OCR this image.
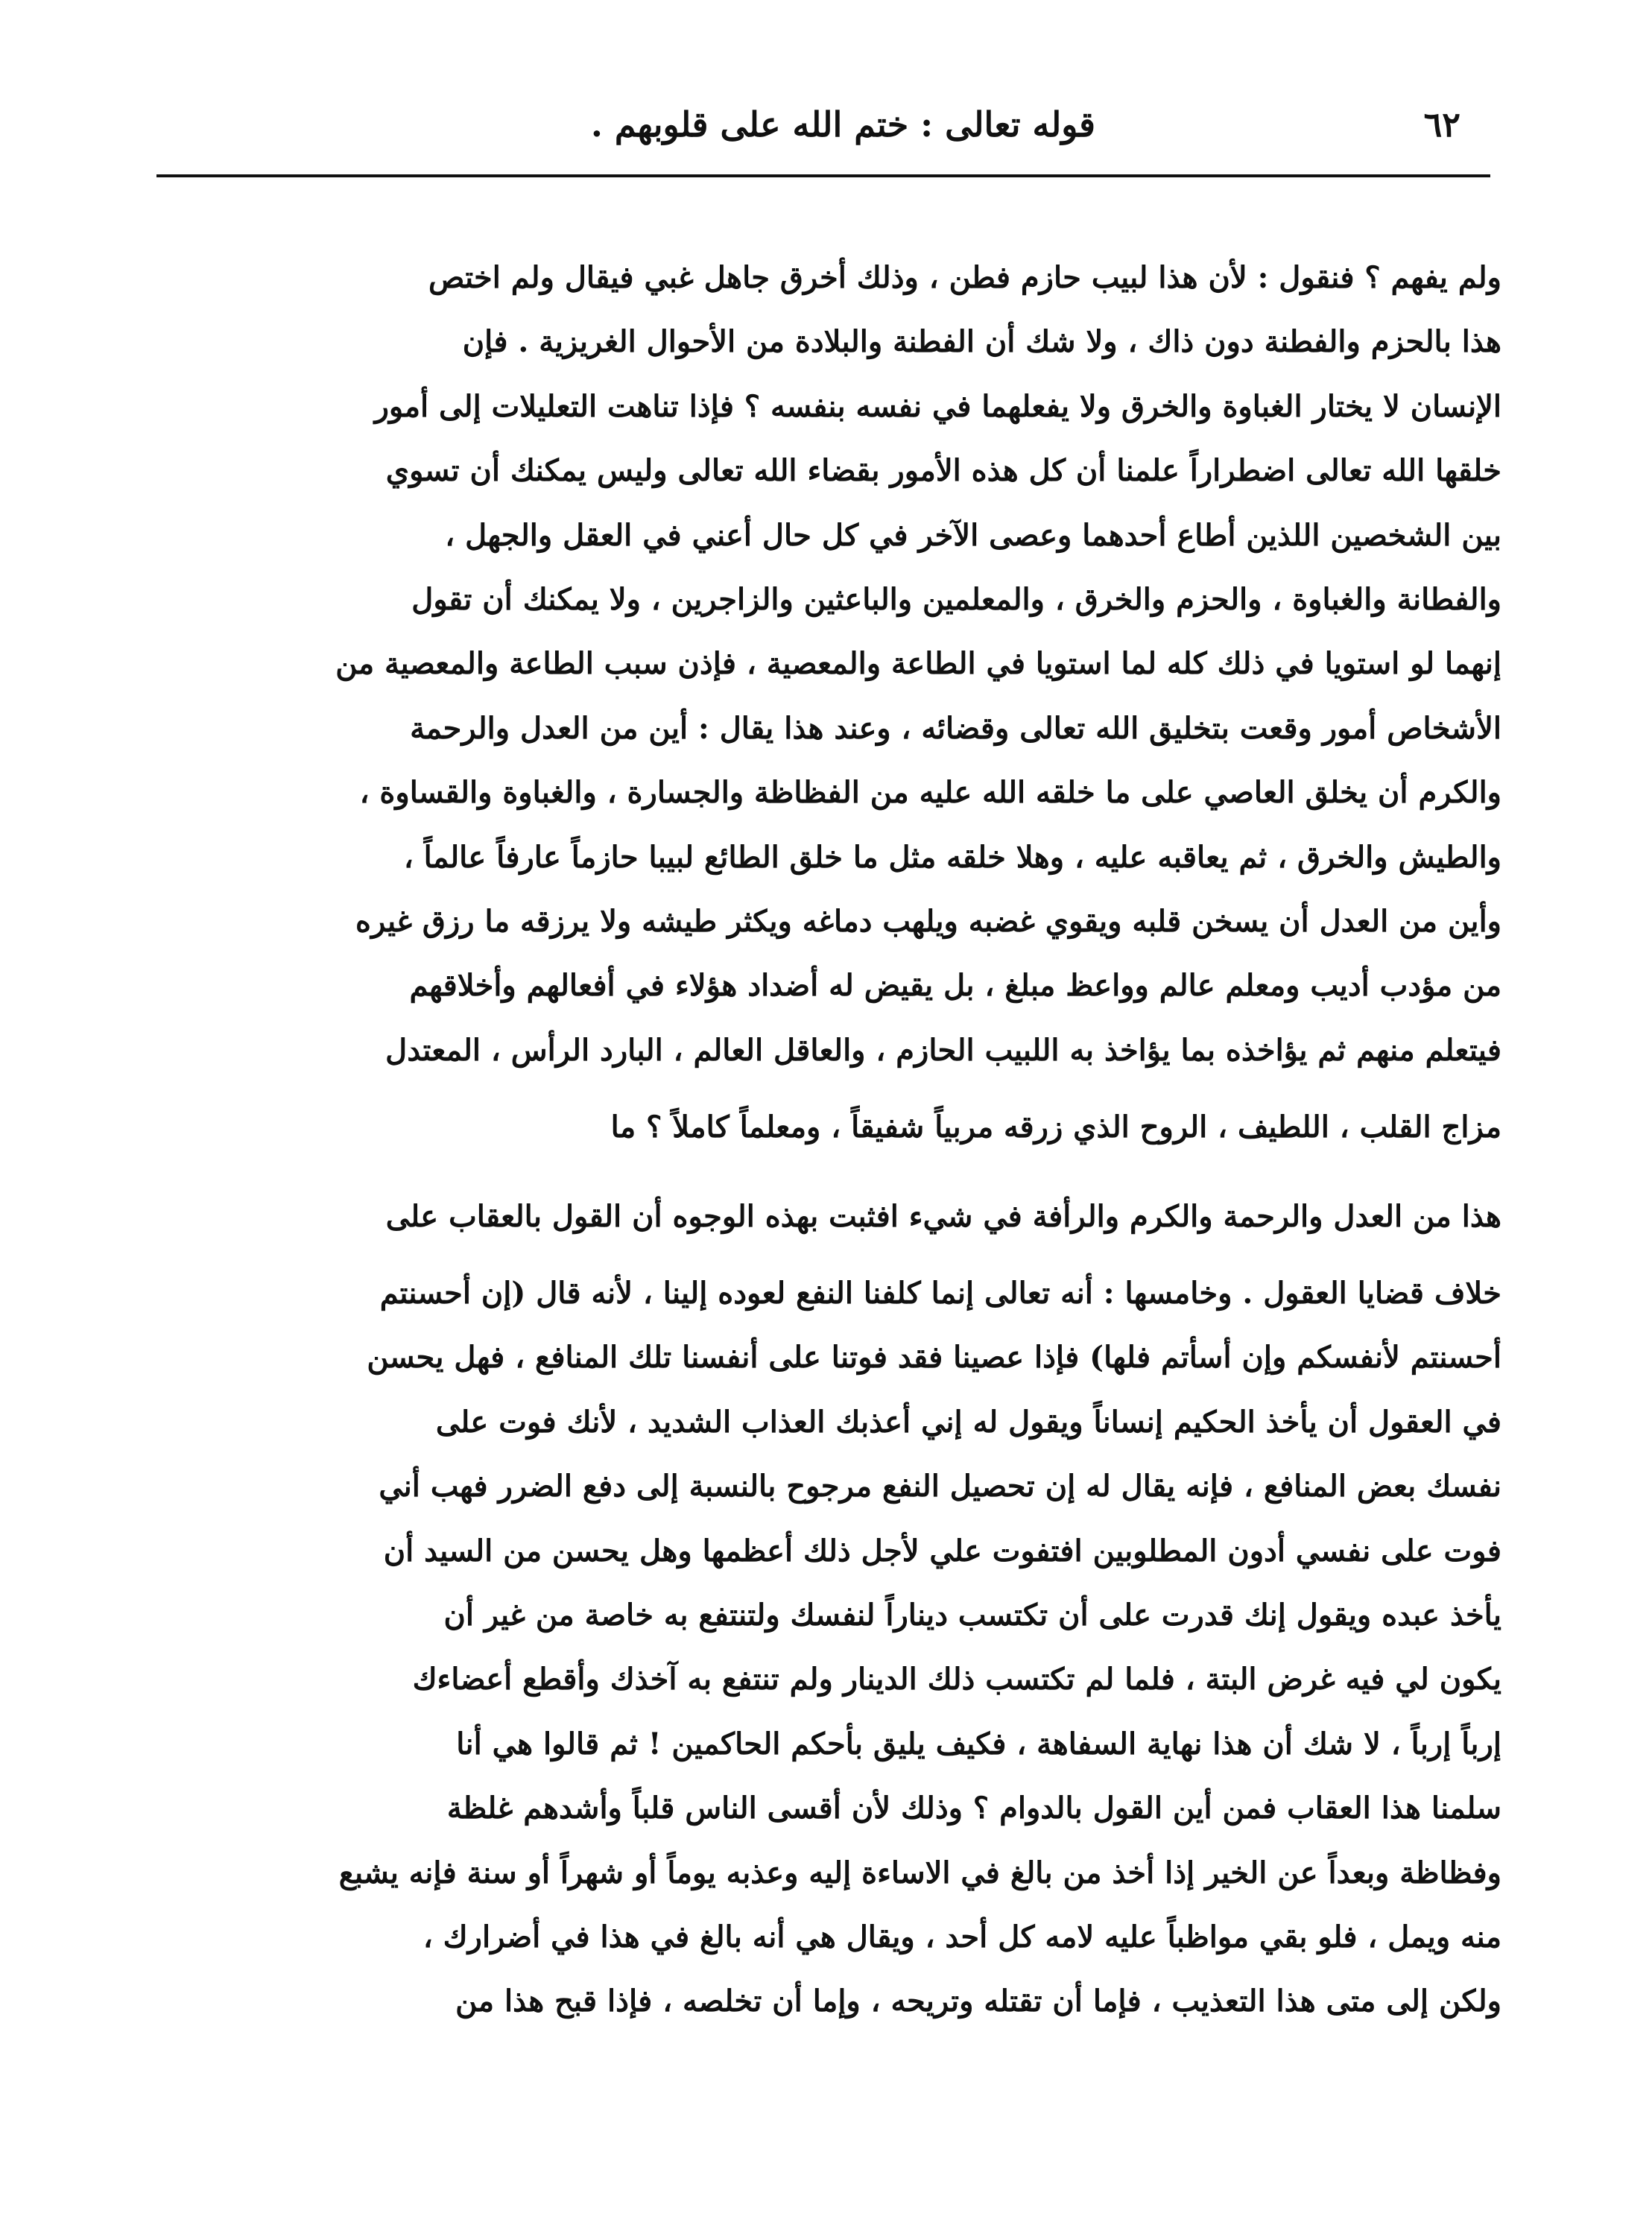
٦٢
قوله تعالى : ختم الله على قلوبهم .
ولم يفهم ؟ فنقول : لأن هذا لبيب حازم فطن ، وذلك أخرق جاهل غبي فيقال ولم اختص
هذا بالحزم والفطنة دون ذاك ، ولا شك أن الفطنة والبلادة من الأحوال الغريزية . فإن
الإنسان لا يختار الغباوة والخرق ولا يفعلهما في نفسه بنفسه ؟ فإذا تناهت التعليلات إلى أمور
خلقها الله تعالى اضطراراً علمنا أن كل هذه الأمور بقضاء الله تعالى وليس يمكنك أن تسوي
بين الشخصين اللذين أطاع أحدهما وعصى الآخر في كل حال أعني في العقل والجهل ،
والفطانة والغباوة ، والحزم والخرق ، والمعلمين والباعثين والزاجرين ، ولا يمكنك أن تقول
إنهما لو استويا في ذلك كله لما استويا في الطاعة والمعصية ، فإذن سبب الطاعة والمعصية من
الأشخاص أمور وقعت بتخليق الله تعالى وقضائه ، وعند هذا يقال : أين من العدل والرحمة
والكرم أن يخلق العاصي على ما خلقه الله عليه من الفظاظة والجسارة ، والغباوة والقساوة ،
والطيش والخرق ، ثم يعاقبه عليه ، وهلا خلقه مثل ما خلق الطائع لبيبا حازماً عارفاً عالماً ،
وأين من العدل أن يسخن قلبه ويقوي غضبه ويلهب دماغه ويكثر طيشه ولا يرزقه ما رزق غيره
من مؤدب أديب ومعلم عالم وواعظ مبلغ ، بل يقيض له أضداد هؤلاء في أفعالهم وأخلاقهم
فيتعلم منهم ثم يؤاخذه بما يؤاخذ به اللبيب الحازم ، والعاقل العالم ، البارد الرأس ، المعتدل
مزاج القلب ، اللطيف ، الروح الذي زرقه مربياً شفيقاً ، ومعلماً كاملاً ؟ ما
هذا من العدل والرحمة والكرم والرأفة في شيء افثبت بهذه الوجوه أن القول بالعقاب على
خلاف قضايا العقول . وخامسها : أنه تعالى إنما كلفنا النفع لعوده إلينا ، لأنه قال (إن أحسنتم
أحسنتم لأنفسكم وإن أسأتم فلها) فإذا عصينا فقد فوتنا على أنفسنا تلك المنافع ، فهل يحسن
في العقول أن يأخذ الحكيم إنساناً ويقول له إني أعذبك العذاب الشديد ، لأنك فوت على
نفسك بعض المنافع ، فإنه يقال له إن تحصيل النفع مرجوح بالنسبة إلى دفع الضرر فهب أني
فوت على نفسي أدون المطلوبين افتفوت علي لأجل ذلك أعظمها وهل يحسن من السيد أن
يأخذ عبده ويقول إنك قدرت على أن تكتسب ديناراً لنفسك ولتنتفع به خاصة من غير أن
يكون لي فيه غرض البتة ، فلما لم تكتسب ذلك الدينار ولم تنتفع به آخذك وأقطع أعضاءك
إرباً إرباً ، لا شك أن هذا نهاية السفاهة ، فكيف يليق بأحكم الحاكمين ! ثم قالوا هي أنا
سلمنا هذا العقاب فمن أين القول بالدوام ؟ وذلك لأن أقسى الناس قلباً وأشدهم غلظة
وفظاظة وبعداً عن الخير إذا أخذ من بالغ في الاساءة إليه وعذبه يوماً أو شهراً أو سنة فإنه يشبع
منه ويمل ، فلو بقي مواظباً عليه لامه كل أحد ، ويقال هي أنه بالغ في هذا في أضرارك ،
ولكن إلى متى هذا التعذيب ، فإما أن تقتله وتريحه ، وإما أن تخلصه ، فإذا قبح هذا من
